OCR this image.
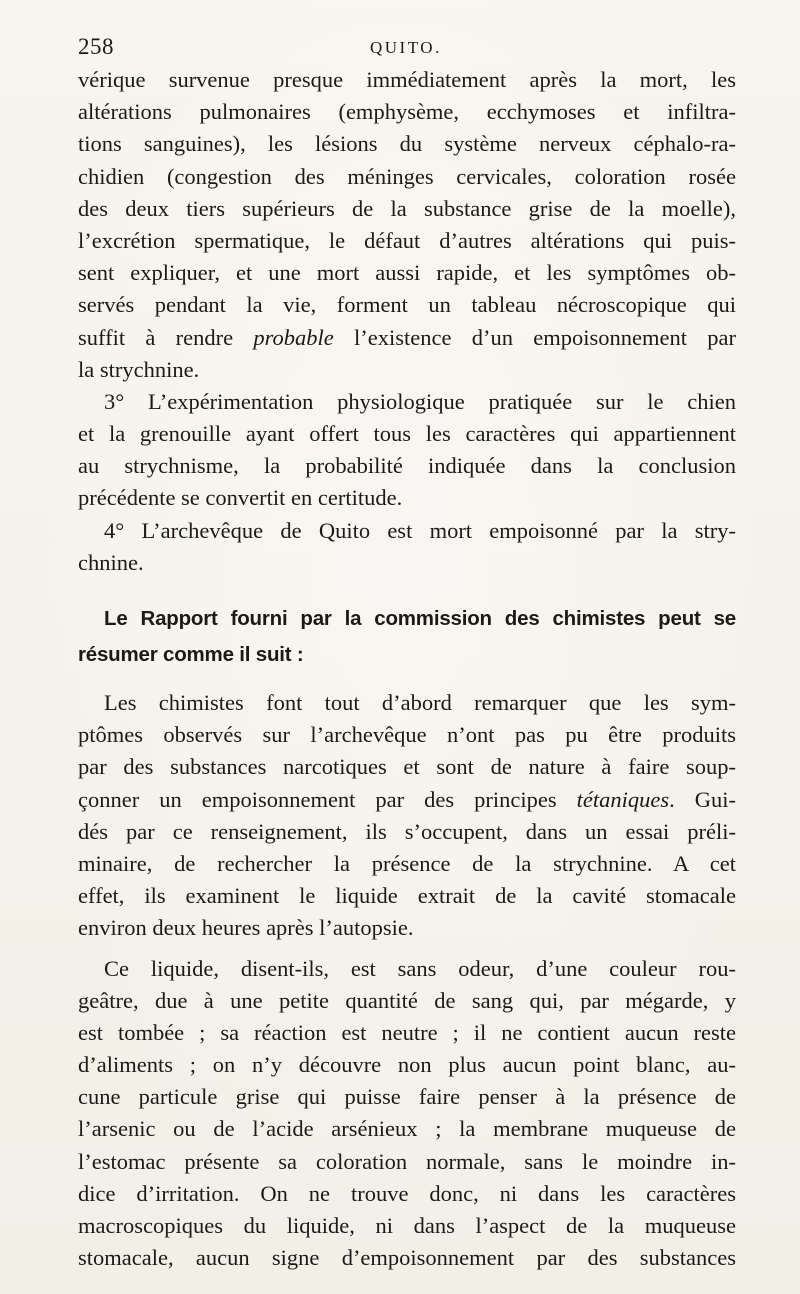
258	QUITO.
vérique survenue presque immédiatement après la mort, les
altérations pulmonaires (emphysème, ecchymoses et infiltra-
tions sanguines), les lésions du système nerveux céphalo-ra-
chidien (congestion des méninges cervicales, coloration rosée
des deux tiers supérieurs de la substance grise de la moelle),
l’excrétion spermatique, le défaut d’autres altérations qui puis-
sent expliquer, et une mort aussi rapide, et les symptômes ob-
servés pendant la vie, forment un tableau nécroscopique qui
suffit à rendre probable l’existence d’un empoisonnement par
la strychnine.
3° L’expérimentation physiologique pratiquée sur le chien
et la grenouille ayant offert tous les caractères qui appartiennent
au strychnisme, la probabilité indiquée dans la conclusion
précédente se convertit en certitude.
4° L’archevêque de Quito est mort empoisonné par la stry-
chnine.
Le Rapport fourni par la commission des chimistes peut se
résumer comme il suit :
Les chimistes font tout d’abord remarquer que les sym-
ptômes observés sur l’archevêque n’ont pas pu être produits
par des substances narcotiques et sont de nature à faire soup-
çonner un empoisonnement par des principes tétaniques. Gui-
dés par ce renseignement, ils s’occupent, dans un essai préli-
minaire, de rechercher la présence de la strychnine. A cet
effet, ils examinent le liquide extrait de la cavité stomacale
environ deux heures après l’autopsie.
Ce liquide, disent-ils, est sans odeur, d’une couleur rou-
geâtre, due à une petite quantité de sang qui, par mégarde, y
est tombée ; sa réaction est neutre ; il ne contient aucun reste
d’aliments ; on n’y découvre non plus aucun point blanc, au-
cune particule grise qui puisse faire penser à la présence de
l’arsenic ou de l’acide arsénieux ; la membrane muqueuse de
l’estomac présente sa coloration normale, sans le moindre in-
dice d’irritation. On ne trouve donc, ni dans les caractères
macroscopiques du liquide, ni dans l’aspect de la muqueuse
stomacale, aucun signe d’empoisonnement par des substances
